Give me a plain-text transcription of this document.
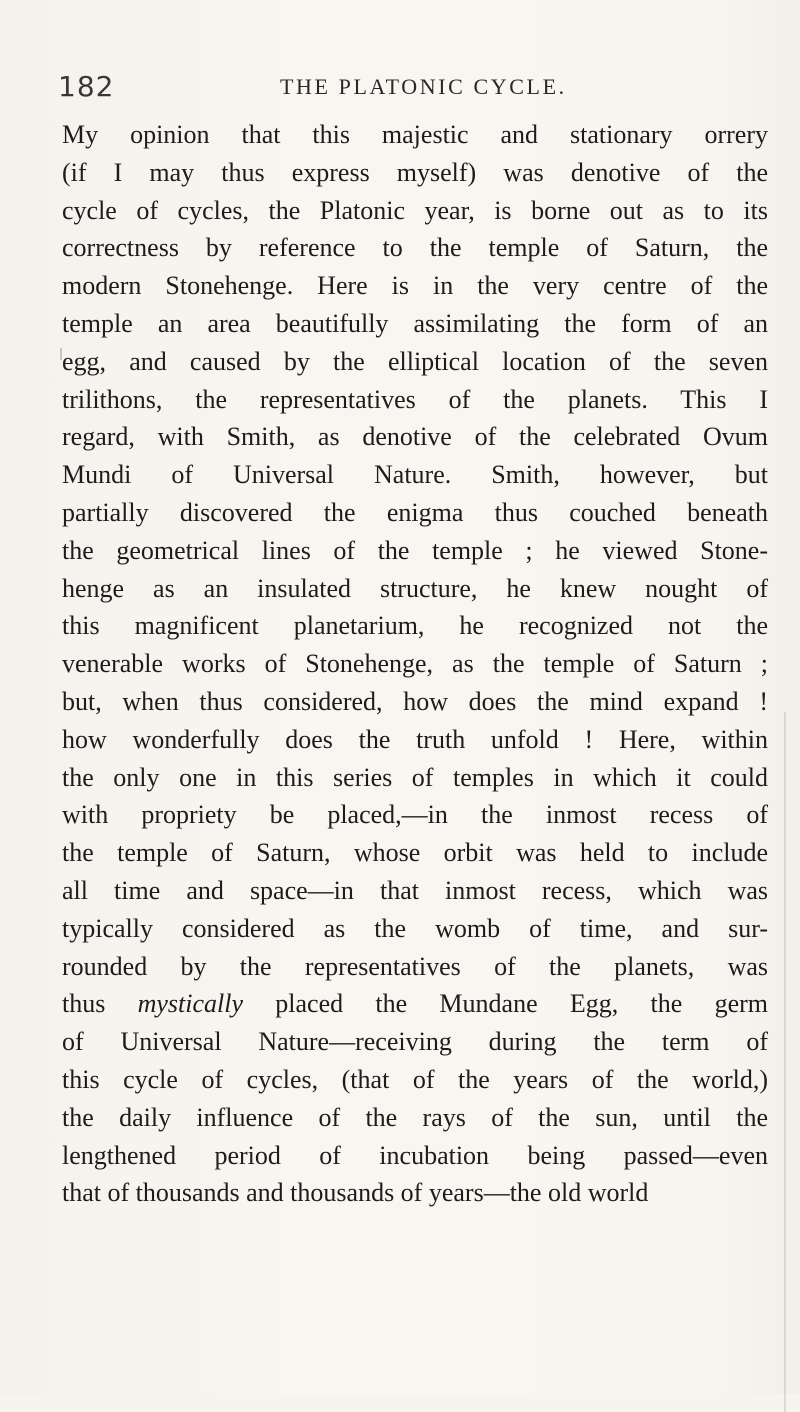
182	THE PLATONIC CYCLE.
My opinion that this majestic and stationary orrery
(if I may thus express myself) was denotive of the
cycle of cycles, the Platonic year, is borne out as to its
correctness by reference to the temple of Saturn, the
modern Stonehenge. Here is in the very centre of the
temple an area beautifully assimilating the form of an
egg, and caused by the elliptical location of the seven
trilithons, the representatives of the planets. This I
regard, with Smith, as denotive of the celebrated Ovum
Mundi of Universal Nature. Smith, however, but
partially discovered the enigma thus couched beneath
the geometrical lines of the temple ; he viewed Stone-
henge as an insulated structure, he knew nought of
this magnificent planetarium, he recognized not the
venerable works of Stonehenge, as the temple of Saturn ;
but, when thus considered, how does the mind expand !
how wonderfully does the truth unfold ! Here, within
the only one in this series of temples in which it could
with propriety be placed,—in the inmost recess of
the temple of Saturn, whose orbit was held to include
all time and space—in that inmost recess, which was
typically considered as the womb of time, and sur-
rounded by the representatives of the planets, was
thus mystically placed the Mundane Egg, the germ
of Universal Nature—receiving during the term of
this cycle of cycles, (that of the years of the world,)
the daily influence of the rays of the sun, until the
lengthened period of incubation being passed—even
that of thousands and thousands of years—the old world
